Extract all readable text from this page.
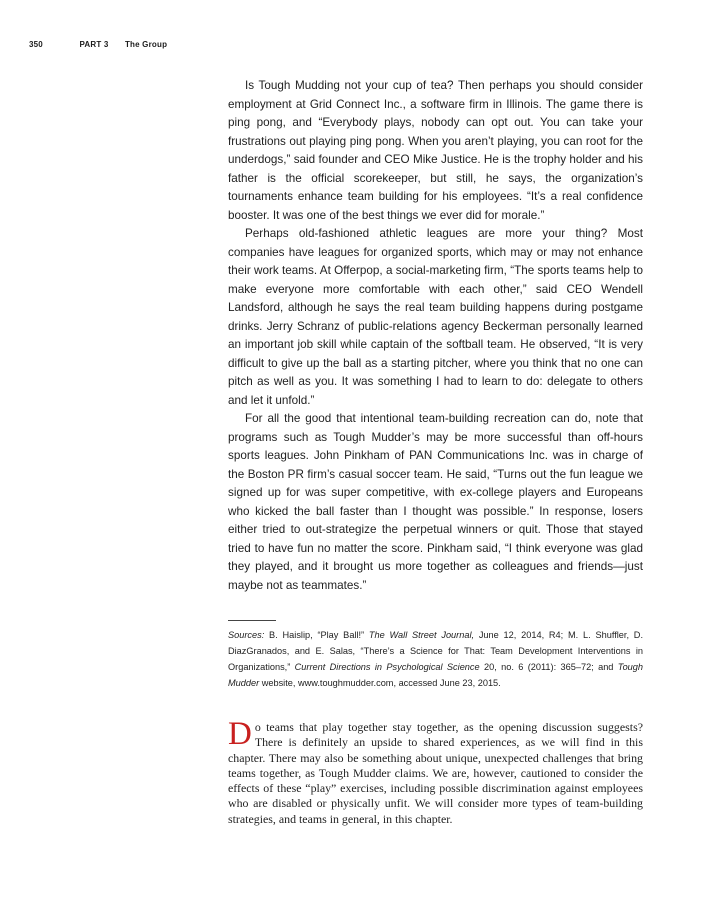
350	PART 3 The Group

Is Tough Mudding not your cup of tea? Then perhaps you should consider employment at Grid Connect Inc., a software firm in Illinois. The game there is ping pong, and “Everybody plays, nobody can opt out. You can take your frustrations out playing ping pong. When you aren’t playing, you can root for the underdogs,” said founder and CEO Mike Justice. He is the trophy holder and his father is the official scorekeeper, but still, he says, the organization’s tournaments enhance team building for his employees. “It’s a real confidence booster. It was one of the best things we ever did for morale.”

Perhaps old-fashioned athletic leagues are more your thing? Most companies have leagues for organized sports, which may or may not enhance their work teams. At Offerpop, a social-marketing firm, “The sports teams help to make everyone more comfortable with each other,” said CEO Wendell Landsford, although he says the real team building happens during postgame drinks. Jerry Schranz of public-relations agency Beckerman personally learned an important job skill while captain of the softball team. He observed, “It is very difficult to give up the ball as a starting pitcher, where you think that no one can pitch as well as you. It was something I had to learn to do: delegate to others and let it unfold.”

For all the good that intentional team-building recreation can do, note that programs such as Tough Mudder’s may be more successful than off-hours sports leagues. John Pinkham of PAN Communications Inc. was in charge of the Boston PR firm’s casual soccer team. He said, “Turns out the fun league we signed up for was super competitive, with ex-college players and Europeans who kicked the ball faster than I thought was possible.” In response, losers either tried to out-strategize the perpetual winners or quit. Those that stayed tried to have fun no matter the score. Pinkham said, “I think everyone was glad they played, and it brought us more together as colleagues and friends—just maybe not as teammates.”

Sources: B. Haislip, “Play Ball!” The Wall Street Journal, June 12, 2014, R4; M. L. Shuffler, D. DiazGranados, and E. Salas, “There’s a Science for That: Team Development Interventions in Organizations,” Current Directions in Psychological Science 20, no. 6 (2011): 365–72; and Tough Mudder website, www.toughmudder.com, accessed June 23, 2015.

Do teams that play together stay together, as the opening discussion suggests? There is definitely an upside to shared experiences, as we will find in this chapter. There may also be something about unique, unexpected challenges that bring teams together, as Tough Mudder claims. We are, however, cautioned to consider the effects of these “play” exercises, including possible discrimination against employees who are disabled or physically unfit. We will consider more types of team-building strategies, and teams in general, in this chapter.
